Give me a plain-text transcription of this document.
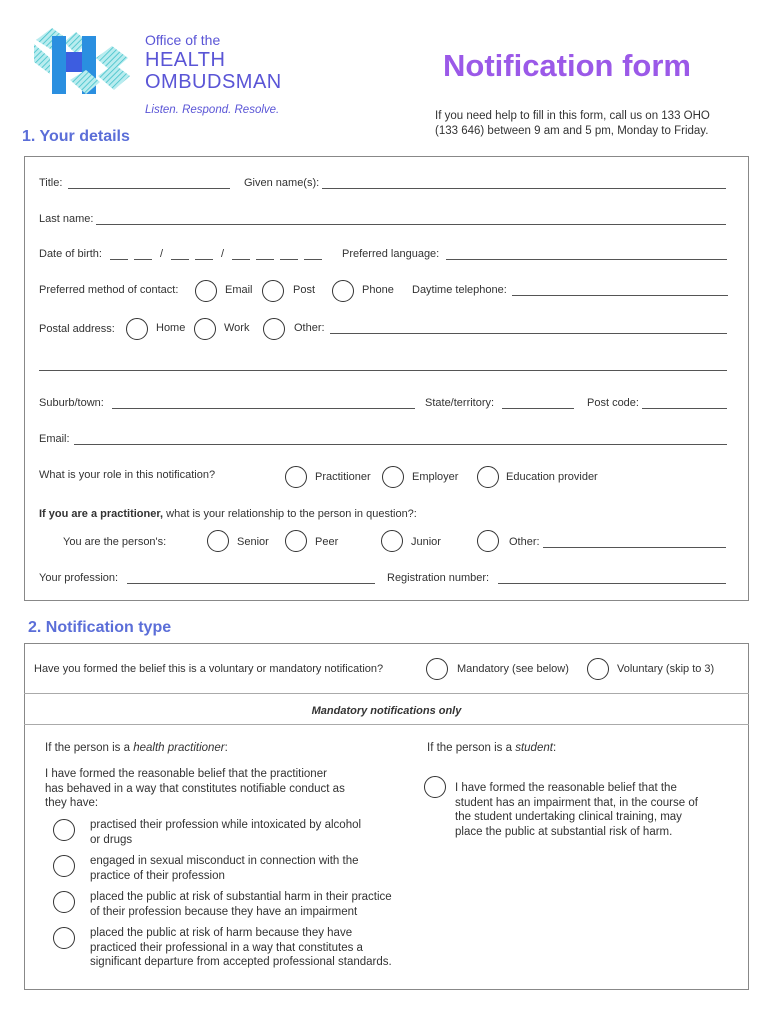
Office of the
HEALTH
OMBUDSMAN
Listen. Respond. Resolve.
Notification form
If you need help to fill in this form, call us on 133 OHO
(133 646) between 9 am and 5 pm, Monday to Friday.
1. Your details
Title:	Given name(s):
Last name:
Date of birth:	/	/	Preferred language:
Preferred method of contact:	Email	Post	Phone Daytime telephone:
Postal address:	Home	Work	Other:
Suburb/town:	State/territory:	Post code:
Email:
What is your role in this notification?	Practitioner	Employer	Education provider
If you are a practitioner, what is your relationship to the person in question?:
You are the person's:	Senior	Peer	Junior	Other:
Your profession:	Registration number:
2. Notification type
Have you formed the belief this is a voluntary or mandatory notification?	Mandatory (see below)	Voluntary (skip to 3)
Mandatory notifications only
If the person is a health practitioner:
I have formed the reasonable belief that the practitioner
has behaved in a way that constitutes notifiable conduct as
they have:
practised their profession while intoxicated by alcohol
or drugs
engaged in sexual misconduct in connection with the
practice of their profession
placed the public at risk of substantial harm in their practice
of their profession because they have an impairment
placed the public at risk of harm because they have
practiced their professional in a way that constitutes a
significant departure from accepted professional standards.
If the person is a student:
I have formed the reasonable belief that the
student has an impairment that, in the course of
the student undertaking clinical training, may
place the public at substantial risk of harm.
